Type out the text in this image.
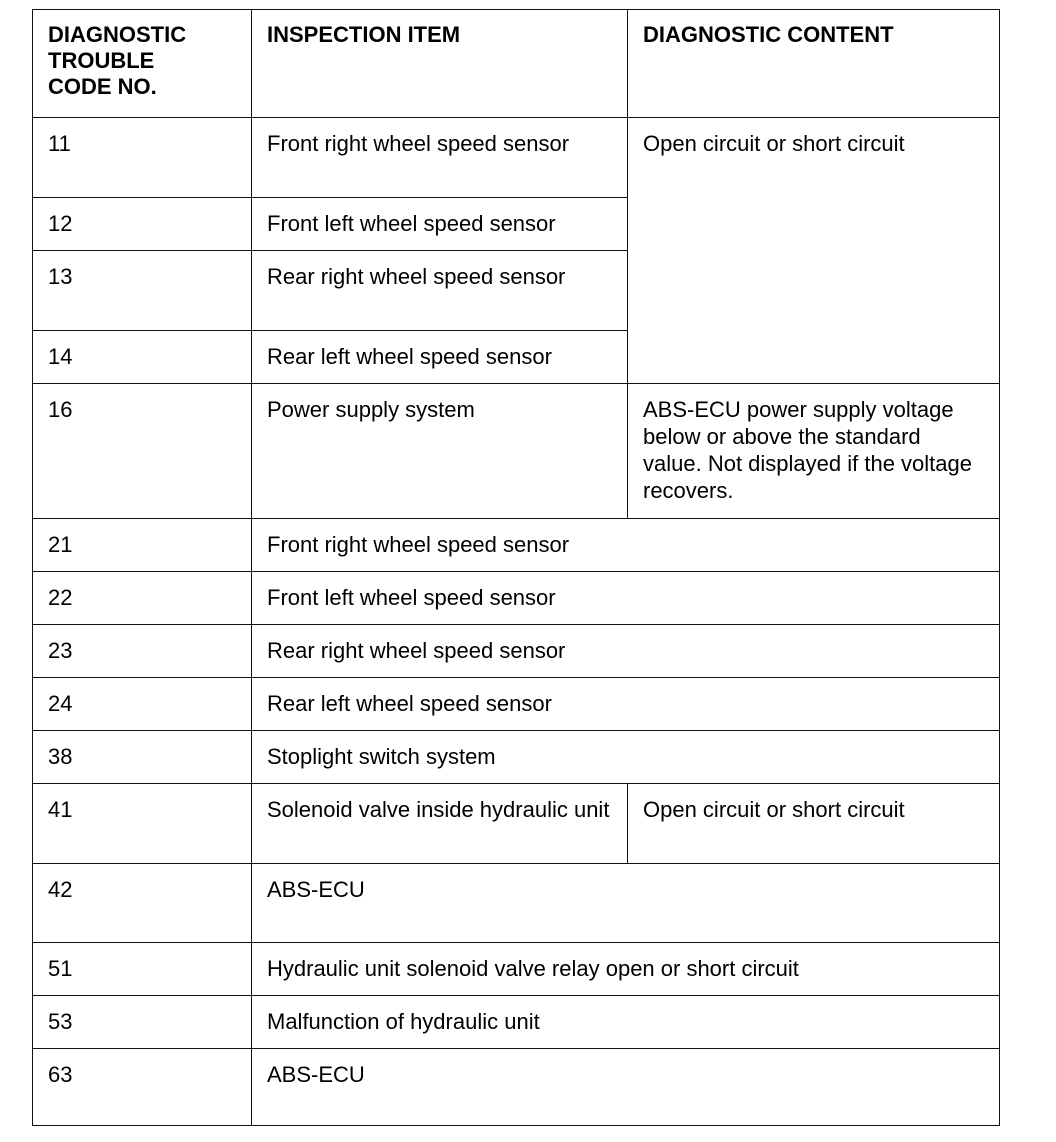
DIAGNOSTIC
TROUBLE
CODE NO.	INSPECTION ITEM	DIAGNOSTIC CONTENT
11	Front right wheel speed sensor	Open circuit or short circuit
12	Front left wheel speed sensor	
13	Rear right wheel speed sensor	
14	Rear left wheel speed sensor	
16	Power supply system	ABS-ECU power supply voltage below or above the standard value. Not displayed if the voltage recovers.
21	Front right wheel speed sensor	
22	Front left wheel speed sensor	
23	Rear right wheel speed sensor	
24	Rear left wheel speed sensor	
38	Stoplight switch system	
41	Solenoid valve inside hydraulic unit	Open circuit or short circuit
42	ABS-ECU	
51	Hydraulic unit solenoid valve relay open or short circuit	
53	Malfunction of hydraulic unit	
63	ABS-ECU	
